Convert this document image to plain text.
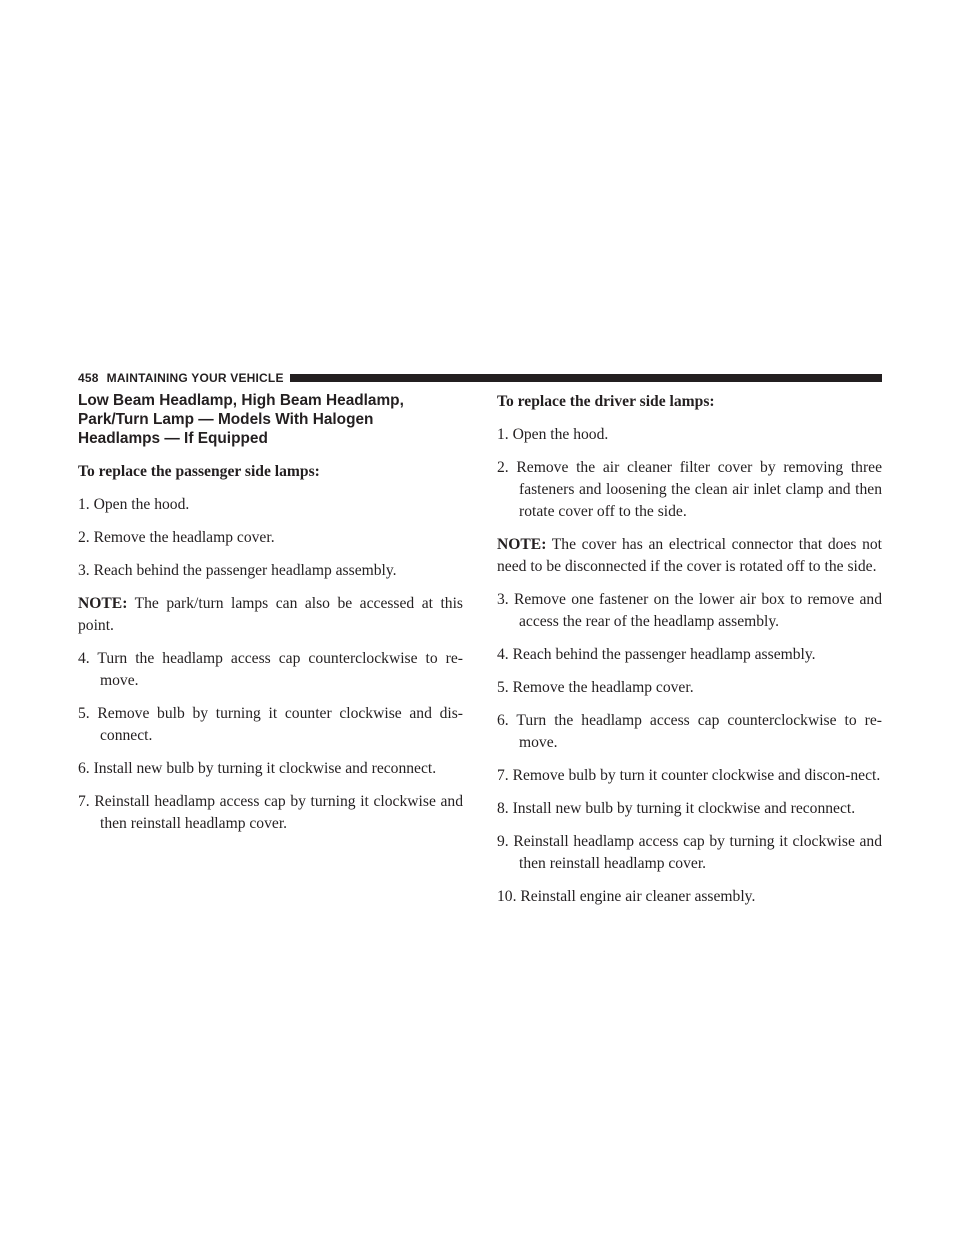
458 MAINTAINING YOUR VEHICLE
Low Beam Headlamp, High Beam Headlamp,
Park/Turn Lamp — Models With Halogen
Headlamps — If Equipped

To replace the passenger side lamps:

1. Open the hood.

2. Remove the headlamp cover.

3. Reach behind the passenger headlamp assembly.

NOTE: The park/turn lamps can also be accessed at this point.

4. Turn the headlamp access cap counterclockwise to re-move.

5. Remove bulb by turning it counter clockwise and dis-connect.

6. Install new bulb by turning it clockwise and reconnect.

7. Reinstall headlamp access cap by turning it clockwise and then reinstall headlamp cover.

To replace the driver side lamps:

1. Open the hood.

2. Remove the air cleaner filter cover by removing three fasteners and loosening the clean air inlet clamp and then rotate cover off to the side.

NOTE: The cover has an electrical connector that does not need to be disconnected if the cover is rotated off to the side.

3. Remove one fastener on the lower air box to remove and access the rear of the headlamp assembly.

4. Reach behind the passenger headlamp assembly.

5. Remove the headlamp cover.

6. Turn the headlamp access cap counterclockwise to re-move.

7. Remove bulb by turn it counter clockwise and discon-nect.

8. Install new bulb by turning it clockwise and reconnect.

9. Reinstall headlamp access cap by turning it clockwise and then reinstall headlamp cover.

10. Reinstall engine air cleaner assembly.
